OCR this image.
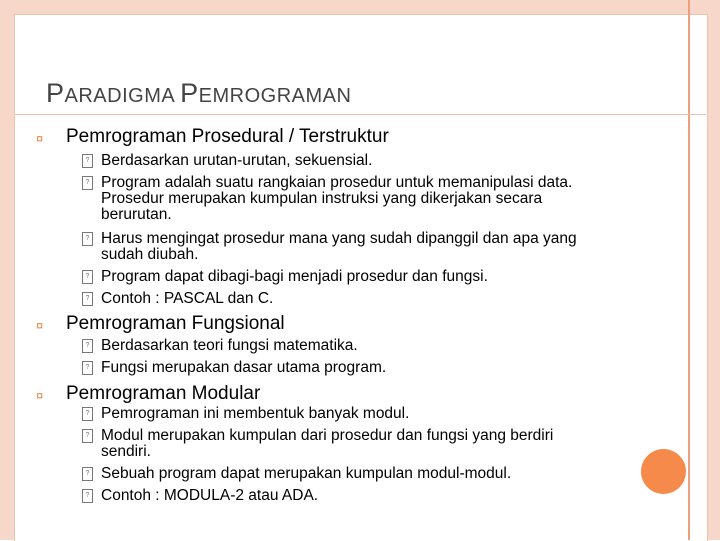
PARADIGMA PEMROGRAMAN
¤ Pemrograman Prosedural / Terstruktur
? Berdasarkan urutan-urutan, sekuensial.
? Program adalah suatu rangkaian prosedur untuk memanipulasi data. Prosedur merupakan kumpulan instruksi yang dikerjakan secara berurutan.
? Harus mengingat prosedur mana yang sudah dipanggil dan apa yang sudah diubah.
? Program dapat dibagi-bagi menjadi prosedur dan fungsi.
? Contoh : PASCAL dan C.
¤ Pemrograman Fungsional
? Berdasarkan teori fungsi matematika.
? Fungsi merupakan dasar utama program.
¤ Pemrograman Modular
? Pemrograman ini membentuk banyak modul.
? Modul merupakan kumpulan dari prosedur dan fungsi yang berdiri sendiri.
? Sebuah program dapat merupakan kumpulan modul-modul.
? Contoh : MODULA-2 atau ADA.
